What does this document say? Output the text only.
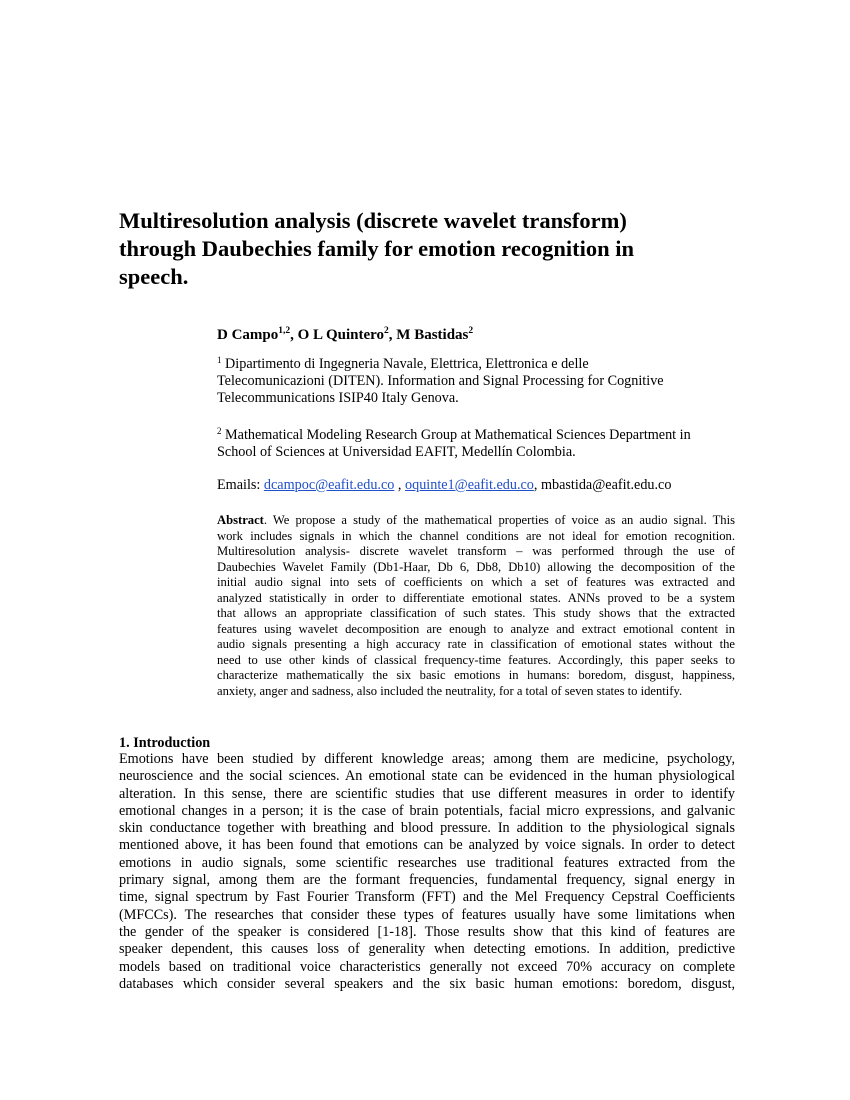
Multiresolution analysis (discrete wavelet transform)
through Daubechies family for emotion recognition in
speech.

D Campo$^{1,2}$, O L Quintero$^2$, M Bastidas$^2$

$^1$ Dipartimento di Ingegneria Navale, Elettrica, Elettronica e delle
Telecomunicazioni (DITEN). Information and Signal Processing for Cognitive
Telecommunications ISIP40 Italy Genova.

$^2$ Mathematical Modeling Research Group at Mathematical Sciences Department in
School of Sciences at Universidad EAFIT, Medellín Colombia.

Emails: dcampoc@eafit.edu.co , oquinte1@eafit.edu.co, mbastida@eafit.edu.co

Abstract. We propose a study of the mathematical properties of voice as an audio signal. This
work includes signals in which the channel conditions are not ideal for emotion recognition.
Multiresolution analysis- discrete wavelet transform – was performed through the use of
Daubechies Wavelet Family (Db1-Haar, Db 6, Db8, Db10) allowing the decomposition of the
initial audio signal into sets of coefficients on which a set of features was extracted and
analyzed statistically in order to differentiate emotional states. ANNs proved to be a system
that allows an appropriate classification of such states. This study shows that the extracted
features using wavelet decomposition are enough to analyze and extract emotional content in
audio signals presenting a high accuracy rate in classification of emotional states without the
need to use other kinds of classical frequency-time features. Accordingly, this paper seeks to
characterize mathematically the six basic emotions in humans: boredom, disgust, happiness,
anxiety, anger and sadness, also included the neutrality, for a total of seven states to identify.
1. Introduction
Emotions have been studied by different knowledge areas; among them are medicine, psychology,
neuroscience and the social sciences. An emotional state can be evidenced in the human physiological
alteration. In this sense, there are scientific studies that use different measures in order to identify
emotional changes in a person; it is the case of brain potentials, facial micro expressions, and galvanic
skin conductance together with breathing and blood pressure. In addition to the physiological signals
mentioned above, it has been found that emotions can be analyzed by voice signals. In order to detect
emotions in audio signals, some scientific researches use traditional features extracted from the
primary signal, among them are the formant frequencies, fundamental frequency, signal energy in
time, signal spectrum by Fast Fourier Transform (FFT) and the Mel Frequency Cepstral Coefficients
(MFCCs). The researches that consider these types of features usually have some limitations when
the gender of the speaker is considered [1-18]. Those results show that this kind of features are
speaker dependent, this causes loss of generality when detecting emotions. In addition, predictive
models based on traditional voice characteristics generally not exceed 70% accuracy on complete
databases which consider several speakers and the six basic human emotions: boredom, disgust,
